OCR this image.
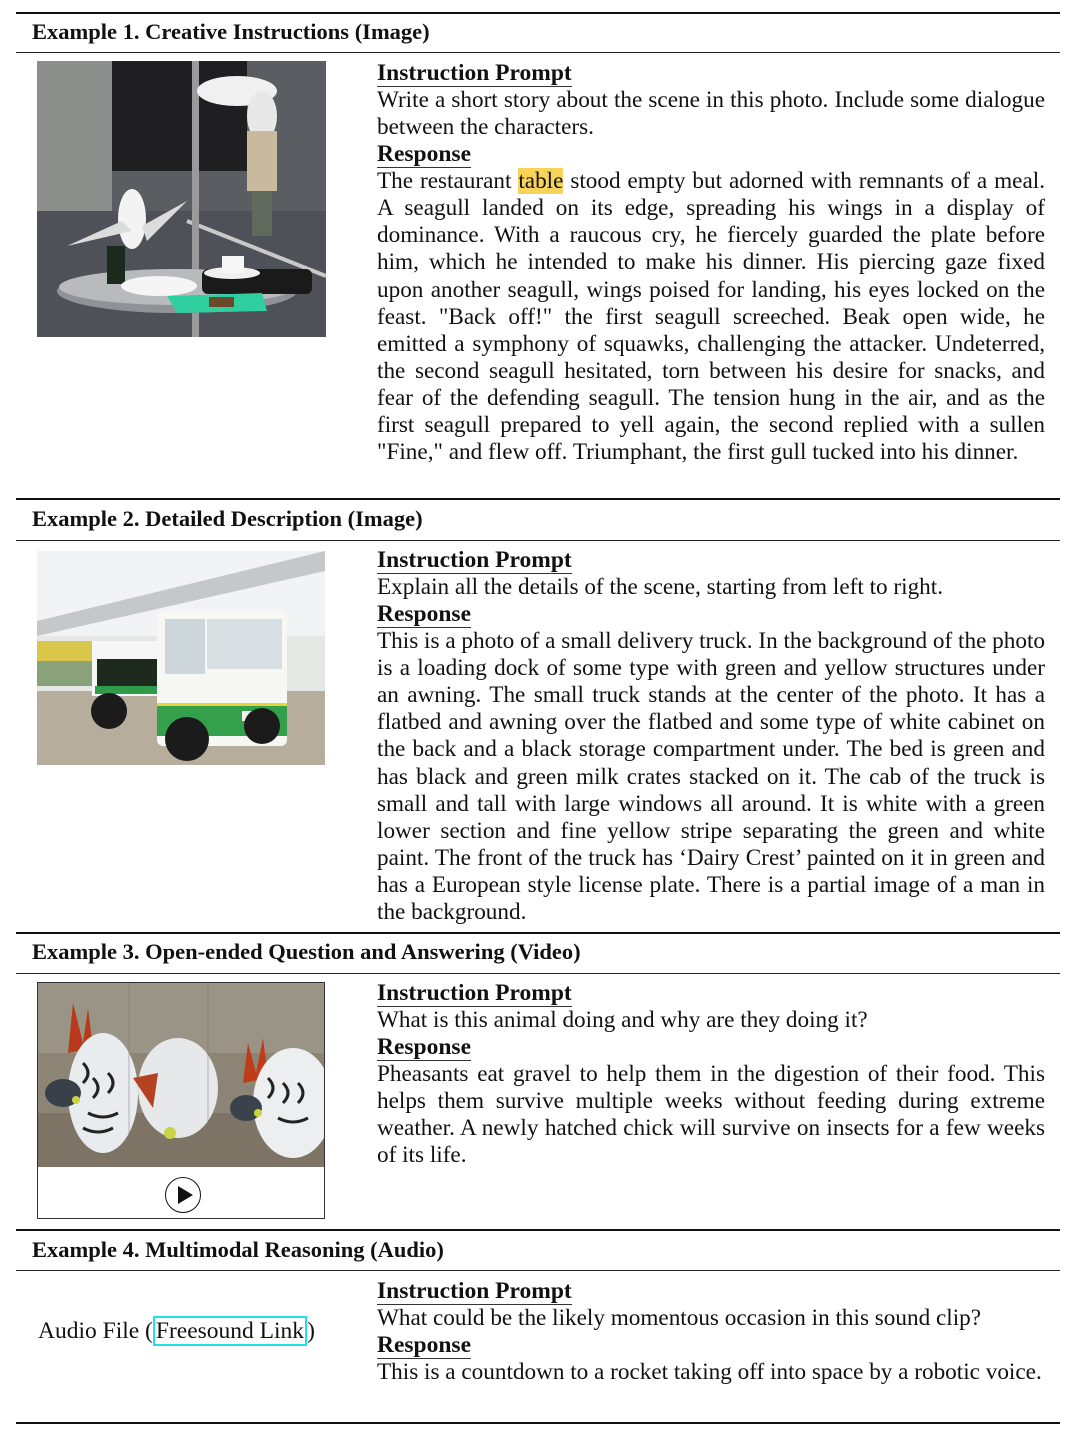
Example 1. Creative Instructions (Image)
Instruction Prompt

Write a short story about the scene in this photo. Include some dialogue between the characters.

Response

The restaurant table stood empty but adorned with remnants of a meal. A seagull landed on its edge, spreading his wings in a display of dominance. With a raucous cry, he fiercely guarded the plate before him, which he intended to make his dinner. His piercing gaze fixed upon another seagull, wings poised for landing, his eyes locked on the feast. "Back off!" the first seagull screeched. Beak open wide, he emitted a symphony of squawks, challenging the attacker. Undeterred, the second seagull hesitated, torn between his desire for snacks, and fear of the defending seagull. The tension hung in the air, and as the first seagull prepared to yell again, the second replied with a sullen "Fine," and flew off. Triumphant, the first gull tucked into his dinner.

Example 2. Detailed Description (Image)
Instruction Prompt

Explain all the details of the scene, starting from left to right.

Response

This is a photo of a small delivery truck. In the background of the photo is a loading dock of some type with green and yellow structures under an awning. The small truck stands at the center of the photo. It has a flatbed and awning over the flatbed and some type of white cabinet on the back and a black storage compartment under. The bed is green and has black and green milk crates stacked on it. The cab of the truck is small and tall with large windows all around. It is white with a green lower section and fine yellow stripe separating the green and white paint. The front of the truck has ‘Dairy Crest’ painted on it in green and has a European style license plate. There is a partial image of a man in the background.

Example 3. Open-ended Question and Answering (Video)
Instruction Prompt

What is this animal doing and why are they doing it?

Response

Pheasants eat gravel to help them in the digestion of their food. This helps them survive multiple weeks without feeding during extreme weather. A newly hatched chick will survive on insects for a few weeks of its life.

Example 4. Multimodal Reasoning (Audio)
Audio File ( Freesound Link )
Instruction Prompt

What could be the likely momentous occasion in this sound clip?

Response

This is a countdown to a rocket taking off into space by a robotic voice.
